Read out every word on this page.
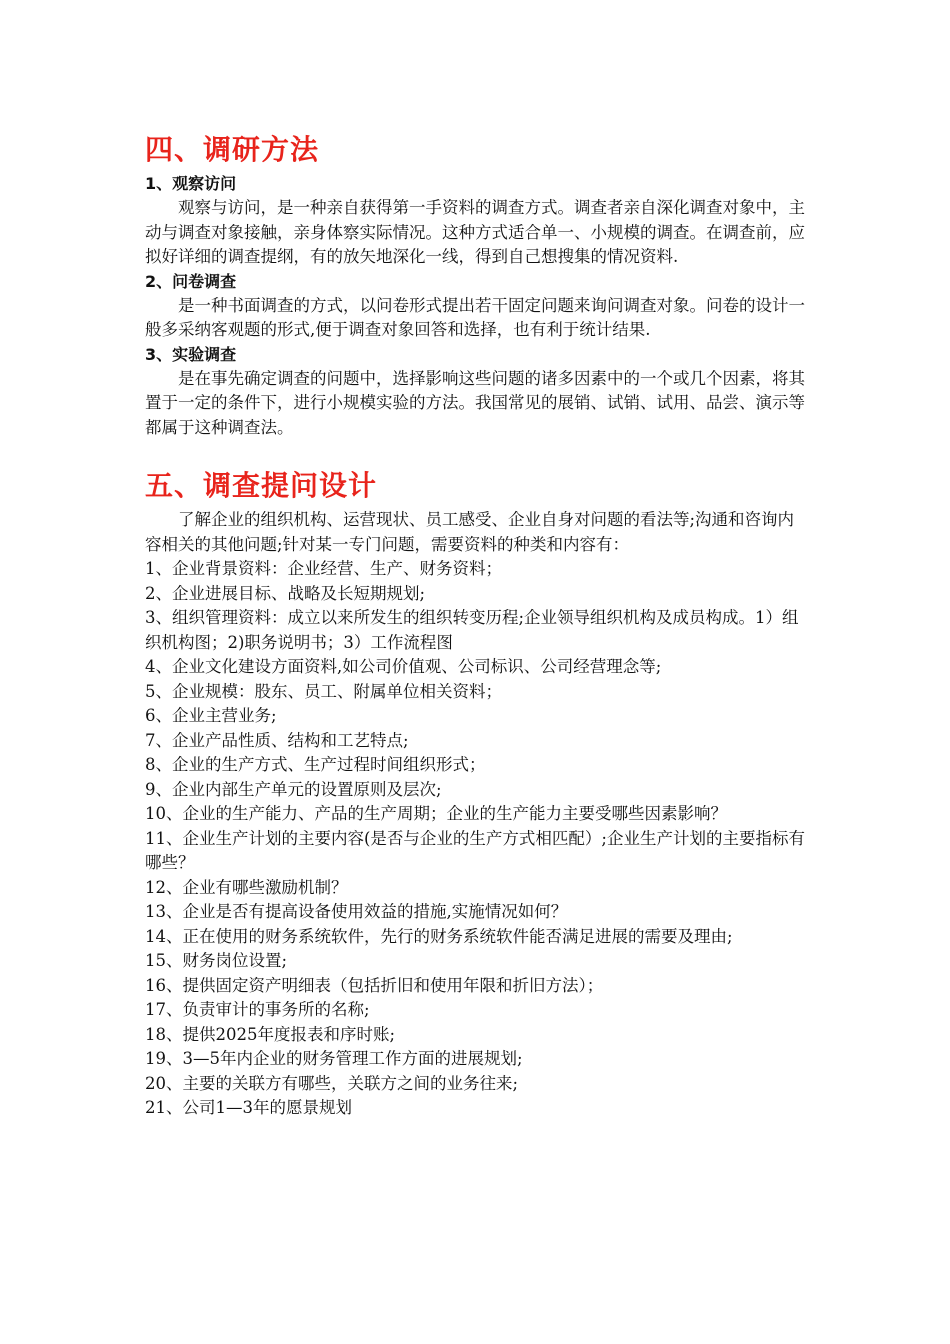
四、调研方法
1、观察访问

观察与访问，是一种亲自获得第一手资料的调查方式。调查者亲自深化调查对象中，主动与调查对象接触，亲身体察实际情况。这种方式适合单一、小规模的调查。在调查前，应拟好详细的调查提纲，有的放矢地深化一线，得到自己想搜集的情况资料.

2、问卷调查

是一种书面调查的方式，以问卷形式提出若干固定问题来询问调查对象。问卷的设计一般多采纳客观题的形式,便于调查对象回答和选择，也有利于统计结果.

3、实验调查

是在事先确定调查的问题中，选择影响这些问题的诸多因素中的一个或几个因素，将其置于一定的条件下，进行小规模实验的方法。我国常见的展销、试销、试用、品尝、演示等都属于这种调查法。

五、调查提问设计

了解企业的组织机构、运营现状、员工感受、企业自身对问题的看法等;沟通和咨询内容相关的其他问题;针对某一专门问题，需要资料的种类和内容有：

1、企业背景资料：企业经营、生产、财务资料；
2、企业进展目标、战略及长短期规划;
3、组织管理资料：成立以来所发生的组织转变历程;企业领导组织机构及成员构成。1）组织机构图；2)职务说明书；3）工作流程图
4、企业文化建设方面资料,如公司价值观、公司标识、公司经营理念等;
5、企业规模：股东、员工、附属单位相关资料；
6、企业主营业务;
7、企业产品性质、结构和工艺特点;
8、企业的生产方式、生产过程时间组织形式；
9、企业内部生产单元的设置原则及层次;
10、企业的生产能力、产品的生产周期；企业的生产能力主要受哪些因素影响？
11、企业生产计划的主要内容(是否与企业的生产方式相匹配）;企业生产计划的主要指标有哪些？
12、企业有哪些激励机制？
13、企业是否有提高设备使用效益的措施,实施情况如何？
14、正在使用的财务系统软件，先行的财务系统软件能否满足进展的需要及理由;
15、财务岗位设置;
16、提供固定资产明细表（包括折旧和使用年限和折旧方法）；
17、负责审计的事务所的名称;
18、提供2025年度报表和序时账;
19、3—5年内企业的财务管理工作方面的进展规划;
20、主要的关联方有哪些，关联方之间的业务往来;
21、公司1—3年的愿景规划
